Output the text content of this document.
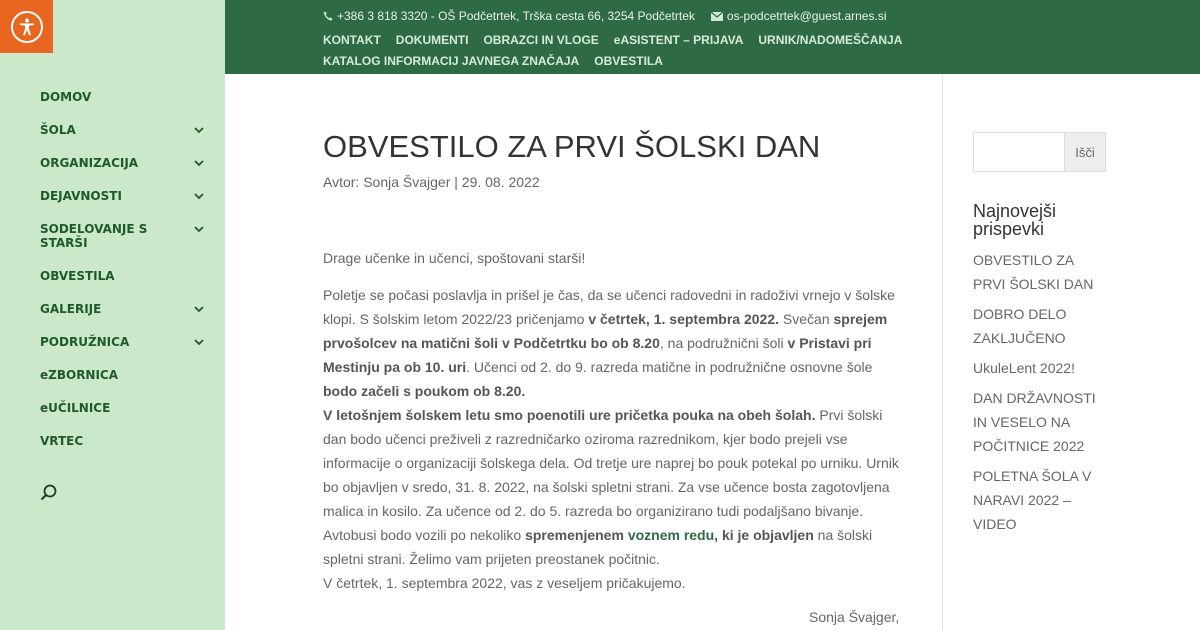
DOMOV
ŠOLA
ORGANIZACIJA
DEJAVNOSTI
SODELOVANJE S STARŠI
OBVESTILA
GALERIJE
PODRUŽNICA
eZBORNICA
eUČILNICE
VRTEC
+386 3 818 3320 - OŠ Podčetrtek, Trška cesta 66, 3254 Podčetrtek	os-podcetrtek@guest.arnes.si
KONTAKT DOKUMENTI OBRAZCI IN VLOGE eASISTENT – PRIJAVA URNIK/NADOMEŠČANJAKATALOG INFORMACIJ JAVNEGA ZNAČAJA OBVESTILA
OBVESTILO ZA PRVI ŠOLSKI DAN
Avtor: Sonja Švajger | 29. 08. 2022
Drage učenke in učenci, spoštovani starši!
Poletje se počasi poslavlja in prišel je čas, da se učenci radovedni in radoživi vrnejo v šolske klopi. S šolskim letom 2022/23 pričenjamo v četrtek, 1. septembra 2022. Svečan sprejem prvošolcev na matični šoli v Podčetrtku bo ob 8.20, na podružnični šoli v Pristavi pri Mestinju pa ob 10. uri. Učenci od 2. do 9. razreda matične in podružnične osnovne šole bodo začeli s poukom ob 8.20.
V letošnjem šolskem letu smo poenotili ure pričetka pouka na obeh šolah. Prvi šolski dan bodo učenci preživeli z razredničarko oziroma razrednikom, kjer bodo prejeli vse informacije o organizaciji šolskega dela. Od tretje ure naprej bo pouk potekal po urniku. Urnik bo objavljen v sredo, 31. 8. 2022, na šolski spletni strani. Za vse učence bosta zagotovljena malica in kosilo. Za učence od 2. do 5. razreda bo organizirano tudi podaljšano bivanje. Avtobusi bodo vozili po nekoliko spremenjenem voznem redu, ki je objavljen na šolski spletni strani. Želimo vam prijeten preostanek počitnic.
V četrtek, 1. septembra 2022, vas z veseljem pričakujemo.
Sonja Švajger,
Išči
Najnovejši prispevki
OBVESTILO ZA PRVI ŠOLSKI DAN
DOBRO DELO ZAKLJUČENO
UkuleLent 2022!
DAN DRŽAVNOSTI IN VESELO NA POČITNICE 2022
POLETNA ŠOLA V NARAVI 2022 – VIDEO
